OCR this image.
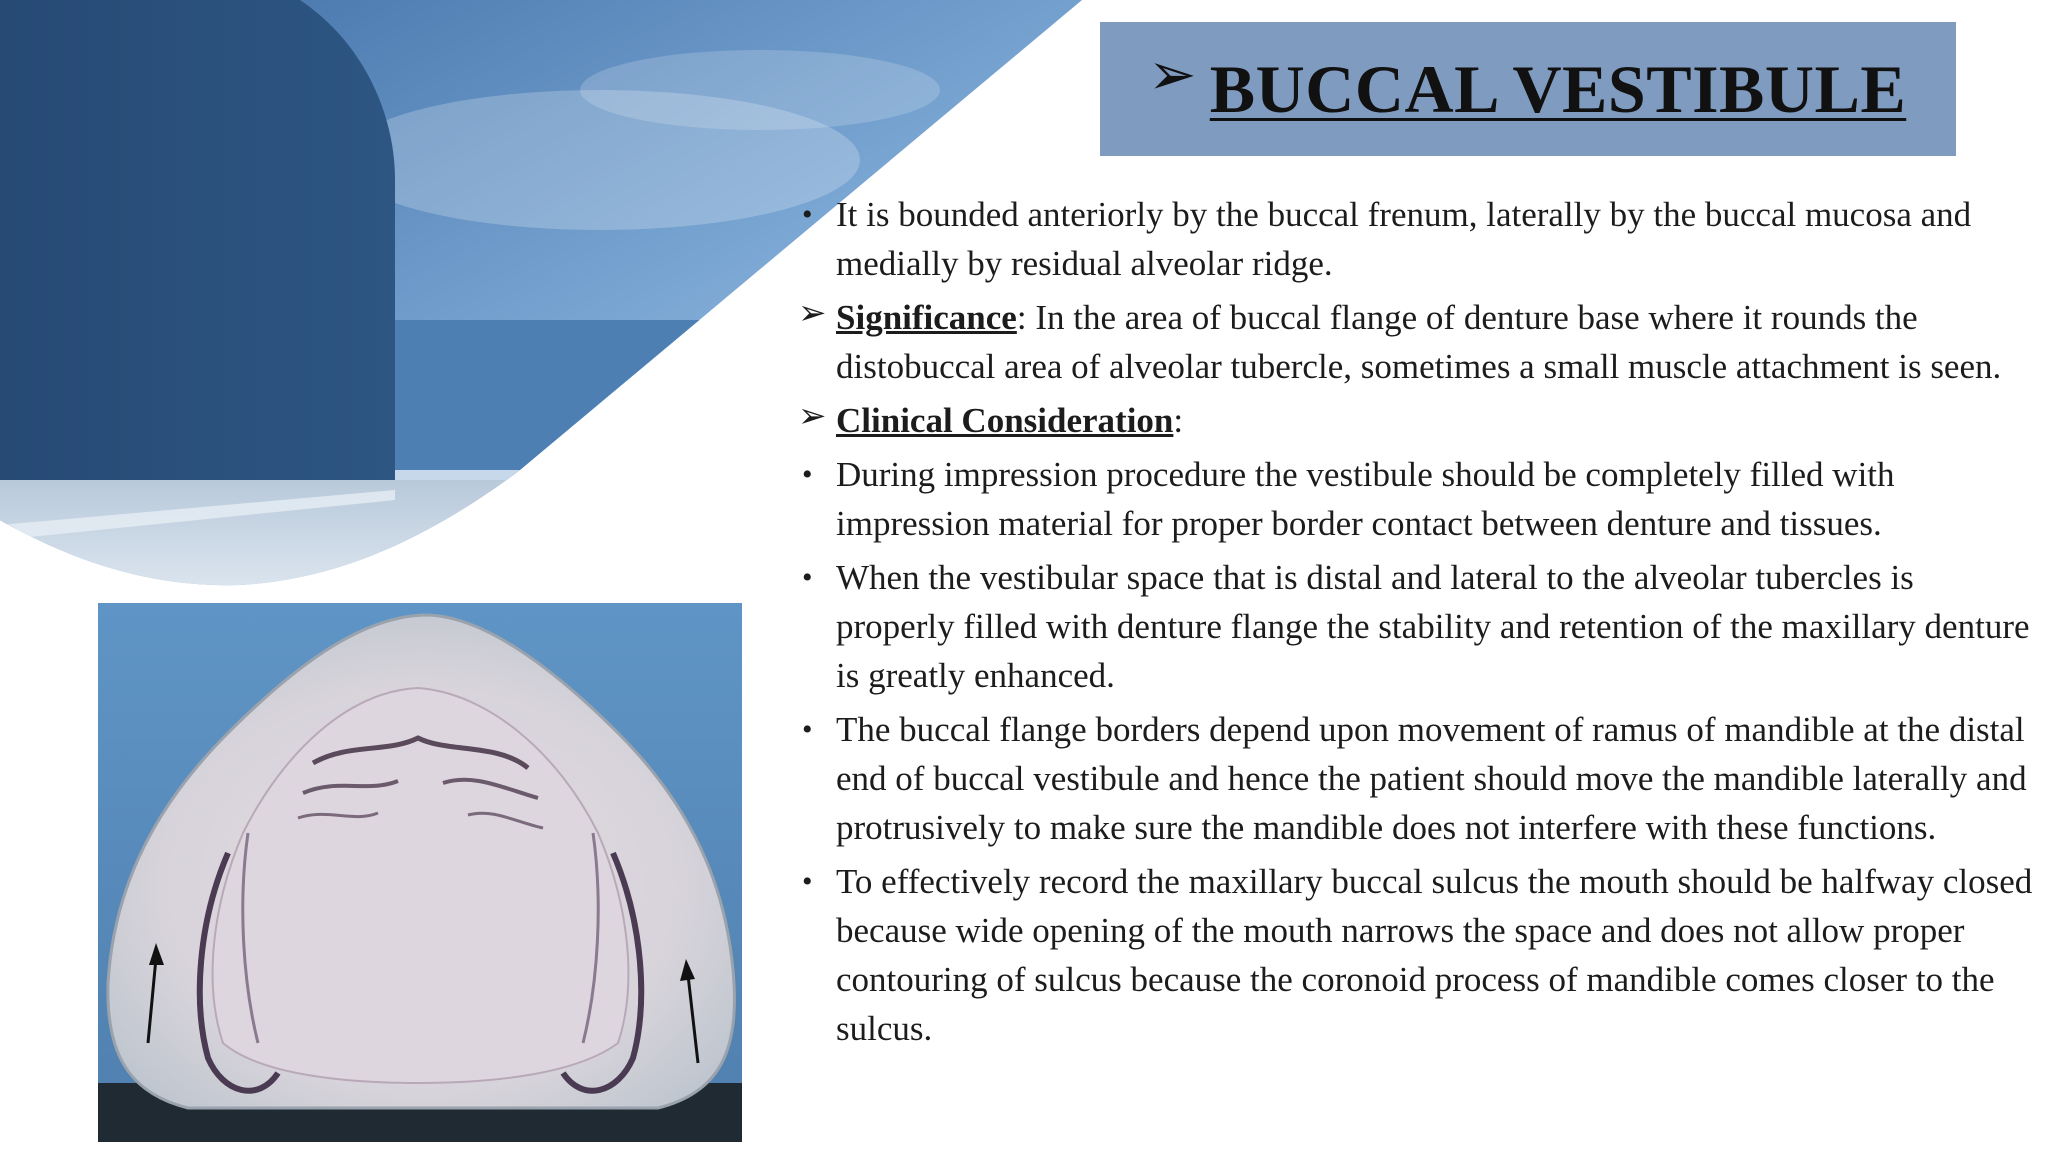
➢ BUCCAL VESTIBULE
• It is bounded anteriorly by the buccal frenum, laterally by the buccal mucosa and medially by residual alveolar ridge.
➢ Significance: In the area of buccal flange of denture base where it rounds the distobuccal area of alveolar tubercle, sometimes a small muscle attachment is seen.
➢ Clinical Consideration:
• During impression procedure the vestibule should be completely filled with impression material for proper border contact between denture and tissues.
• When the vestibular space that is distal and lateral to the alveolar tubercles is properly filled with denture flange the stability and retention of the maxillary denture is greatly enhanced.
• The buccal flange borders depend upon movement of ramus of mandible at the distal end of buccal vestibule and hence the patient should move the mandible laterally and protrusively to make sure the mandible does not interfere with these functions.
• To effectively record the maxillary buccal sulcus the mouth should be halfway closed because wide opening of the mouth narrows the space and does not allow proper contouring of sulcus because the coronoid process of mandible comes closer to the sulcus.
